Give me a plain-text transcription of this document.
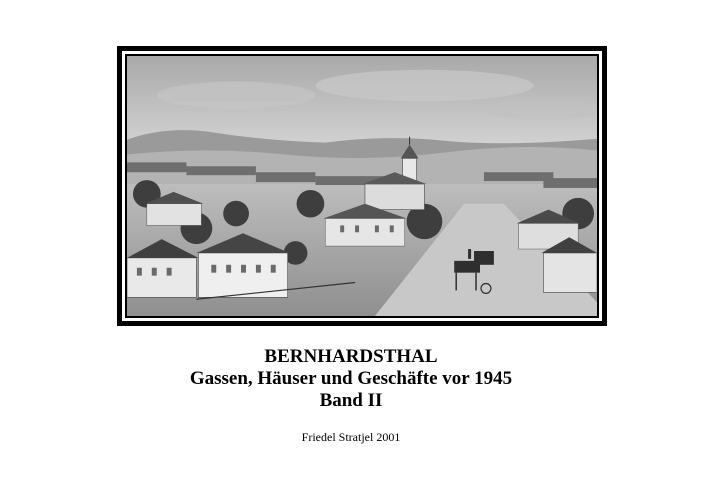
BERNHARDSTHAL
Gassen, Häuser und Geschäfte vor 1945
Band II
Friedel Stratjel 2001
